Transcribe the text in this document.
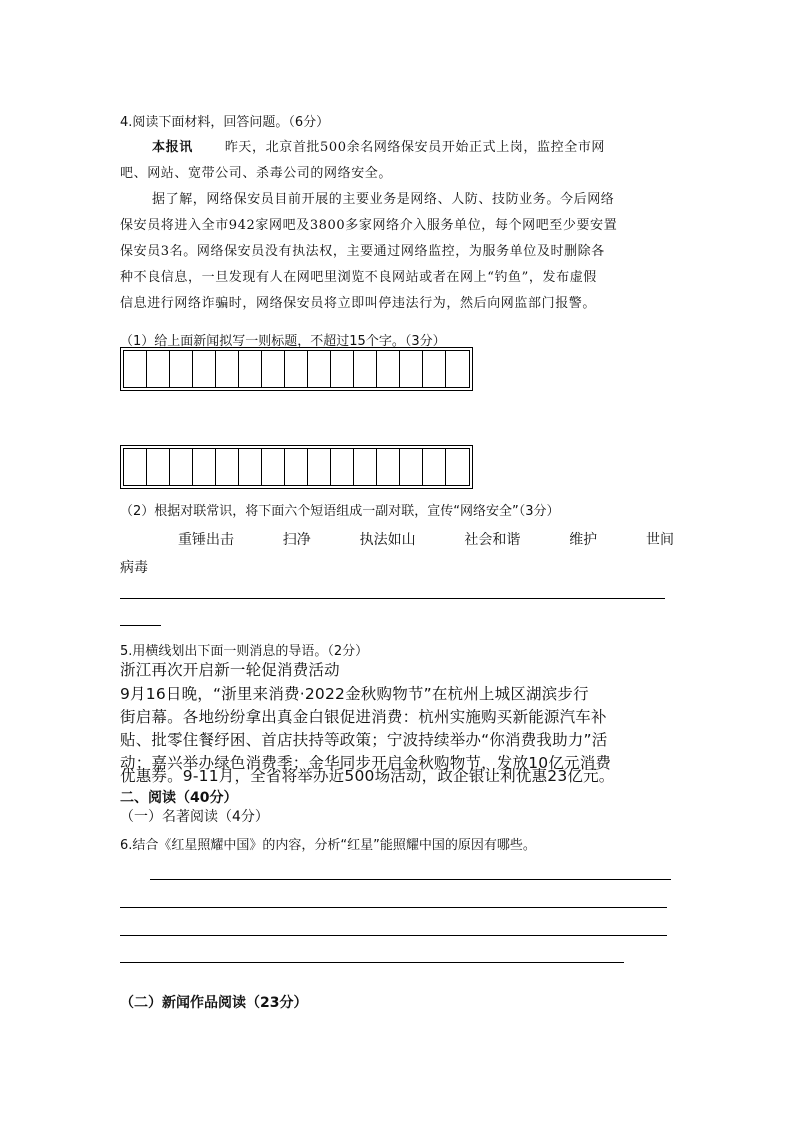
4.阅读下面材料，回答问题。（6分）
本报讯 昨天，北京首批500余名网络保安员开始正式上岗，监控全市网
吧、网站、宽带公司、杀毒公司的网络安全。
据了解，网络保安员目前开展的主要业务是网络、人防、技防业务。今后网络
保安员将进入全市942家网吧及3800多家网络介入服务单位，每个网吧至少要安置
保安员3名。网络保安员没有执法权，主要通过网络监控，为服务单位及时删除各
种不良信息，一旦发现有人在网吧里浏览不良网站或者在网上“钓鱼”，发布虚假
信息进行网络诈骗时，网络保安员将立即叫停违法行为，然后向网监部门报警。
（1）给上面新闻拟写一则标题，不超过15个字。（3分）
（2）根据对联常识，将下面六个短语组成一副对联，宣传“网络安全”（3分）
重锤出击	扫净	执法如山	社会和谐	维护	世间
病毒
5.用横线划出下面一则消息的导语。（2分）
浙江再次开启新一轮促消费活动
9月16日晚，“浙里来消费·2022金秋购物节”在杭州上城区湖滨步行
街启幕。各地纷纷拿出真金白银促进消费：杭州实施购买新能源汽车补
贴、批零住餐纾困、首店扶持等政策；宁波持续举办“你消费我助力”活
动；嘉兴举办绿色消费季；金华同步开启金秋购物节，发放10亿元消费
优惠券。9-11月，全省将举办近500场活动，政企银让利优惠23亿元。
二、阅读（40分）
（一）名著阅读（4分）
6.结合《红星照耀中国》的内容，分析“红星”能照耀中国的原因有哪些。
（二）新闻作品阅读（23分）
